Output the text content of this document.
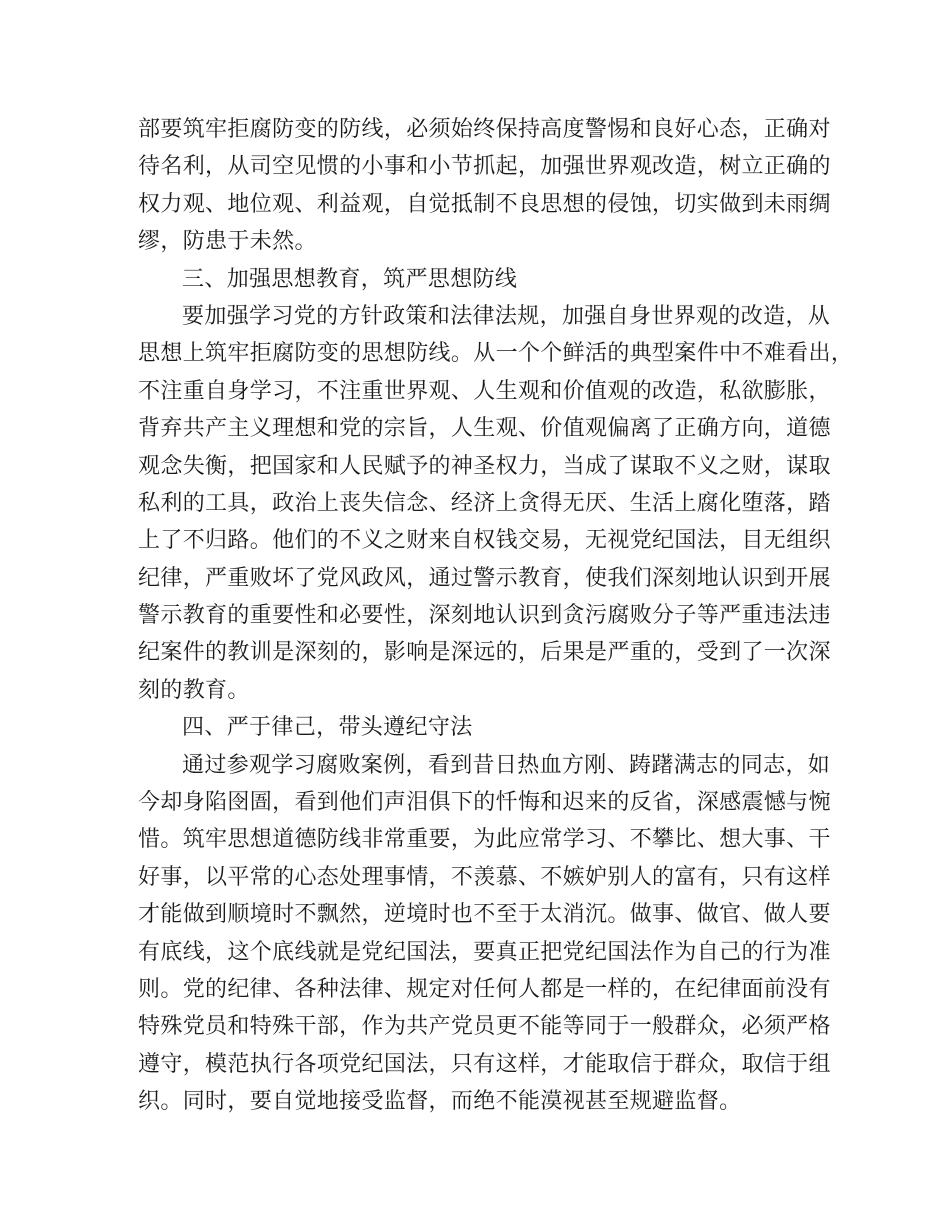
部要筑牢拒腐防变的防线，必须始终保持高度警惕和良好心态，正确对
待名利，从司空见惯的小事和小节抓起，加强世界观改造，树立正确的
权力观、地位观、利益观，自觉抵制不良思想的侵蚀，切实做到未雨绸
缪，防患于未然。
三、加强思想教育，筑严思想防线
要加强学习党的方针政策和法律法规，加强自身世界观的改造，从
思想上筑牢拒腐防变的思想防线。从一个个鲜活的典型案件中不难看出，
不注重自身学习，不注重世界观、人生观和价值观的改造，私欲膨胀，
背弃共产主义理想和党的宗旨，人生观、价值观偏离了正确方向，道德
观念失衡，把国家和人民赋予的神圣权力，当成了谋取不义之财，谋取
私利的工具，政治上丧失信念、经济上贪得无厌、生活上腐化堕落，踏
上了不归路。他们的不义之财来自权钱交易，无视党纪国法，目无组织
纪律，严重败坏了党风政风，通过警示教育，使我们深刻地认识到开展
警示教育的重要性和必要性，深刻地认识到贪污腐败分子等严重违法违
纪案件的教训是深刻的，影响是深远的，后果是严重的，受到了一次深
刻的教育。
四、严于律己，带头遵纪守法
通过参观学习腐败案例，看到昔日热血方刚、踌躇满志的同志，如
今却身陷囹圄，看到他们声泪俱下的忏悔和迟来的反省，深感震憾与惋
惜。筑牢思想道德防线非常重要，为此应常学习、不攀比、想大事、干
好事，以平常的心态处理事情，不羡慕、不嫉妒别人的富有，只有这样
才能做到顺境时不飘然，逆境时也不至于太消沉。做事、做官、做人要
有底线，这个底线就是党纪国法，要真正把党纪国法作为自己的行为准
则。党的纪律、各种法律、规定对任何人都是一样的，在纪律面前没有
特殊党员和特殊干部，作为共产党员更不能等同于一般群众，必须严格
遵守，模范执行各项党纪国法，只有这样，才能取信于群众，取信于组
织。同时，要自觉地接受监督，而绝不能漠视甚至规避监督。
